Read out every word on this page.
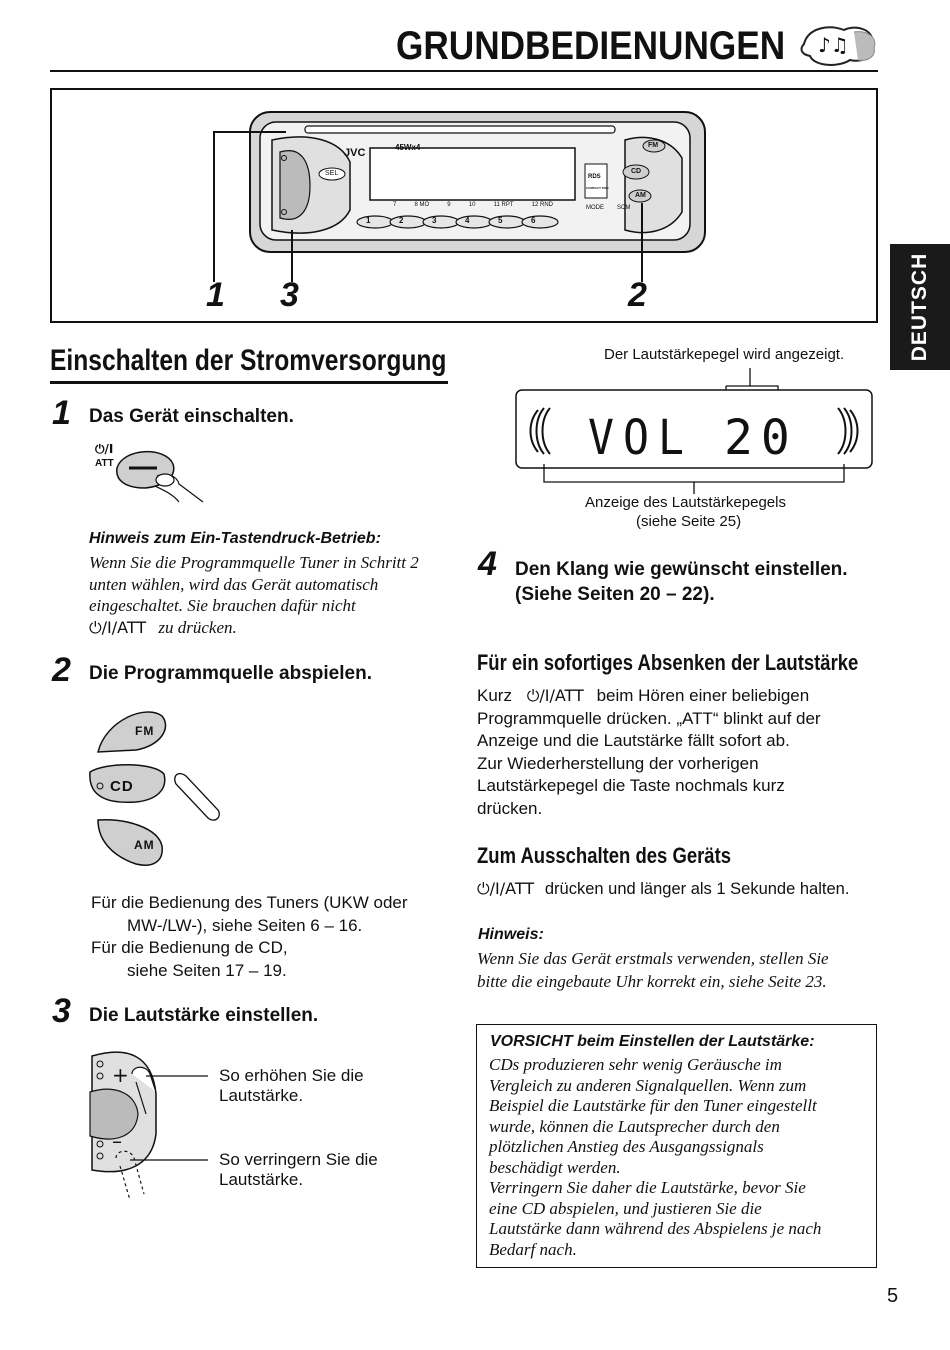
GRUNDBEDIENUNGEN ♪♫
DEUTSCH
JVC	45Wx4
SEL
FM
CD
AM
MODE SCM
RDS
COMPACT DISC
7	8 MO	9	10	11 RPT	12 RND
1	2	3	4	5	6
1 3	2
Einschalten der Stromversorgung
1 Das Gerät einschalten.
⏻/I
ATT
Hinweis zum Ein-Tastendruck-Betrieb:
Wenn Sie die Programmquelle Tuner in Schritt 2
unten wählen, wird das Gerät automatisch
eingeschaltet. Sie brauchen dafür nicht
⏻/I/ATT zu drücken.
2 Die Programmquelle abspielen.
FM
CD
AM
Für die Bedienung des Tuners (UKW oder
MW-/LW-), siehe Seiten 6 – 16.
Für die Bedienung de CD,
siehe Seiten 17 – 19.
3 Die Lautstärke einstellen.
+
–
So erhöhen Sie die
Lautstärke.
So verringern Sie die
Lautstärke.
Der Lautstärkepegel wird angezeigt.
VOL 20
Anzeige des Lautstärkepegels
(siehe Seite 25)
4 Den Klang wie gewünscht einstellen.
(Siehe Seiten 20 – 22).
Für ein sofortiges Absenken der Lautstärke
Kurz ⏻/I/ATT beim Hören einer beliebigen
Programmquelle drücken. „ATT“ blinkt auf der
Anzeige und die Lautstärke fällt sofort ab.
Zur Wiederherstellung der vorherigen
Lautstärkepegel die Taste nochmals kurz
drücken.
Zum Ausschalten des Geräts
⏻/I/ATT drücken und länger als 1 Sekunde halten.
Hinweis:
Wenn Sie das Gerät erstmals verwenden, stellen Sie
bitte die eingebaute Uhr korrekt ein, siehe Seite 23.
VORSICHT beim Einstellen der Lautstärke:
CDs produzieren sehr wenig Geräusche im
Vergleich zu anderen Signalquellen. Wenn zum
Beispiel die Lautstärke für den Tuner eingestellt
wurde, können die Lautsprecher durch den
plötzlichen Anstieg des Ausgangssignals
beschädigt werden.
Verringern Sie daher die Lautstärke, bevor Sie
eine CD abspielen, und justieren Sie die
Lautstärke dann während des Abspielens je nach
Bedarf nach.
5
